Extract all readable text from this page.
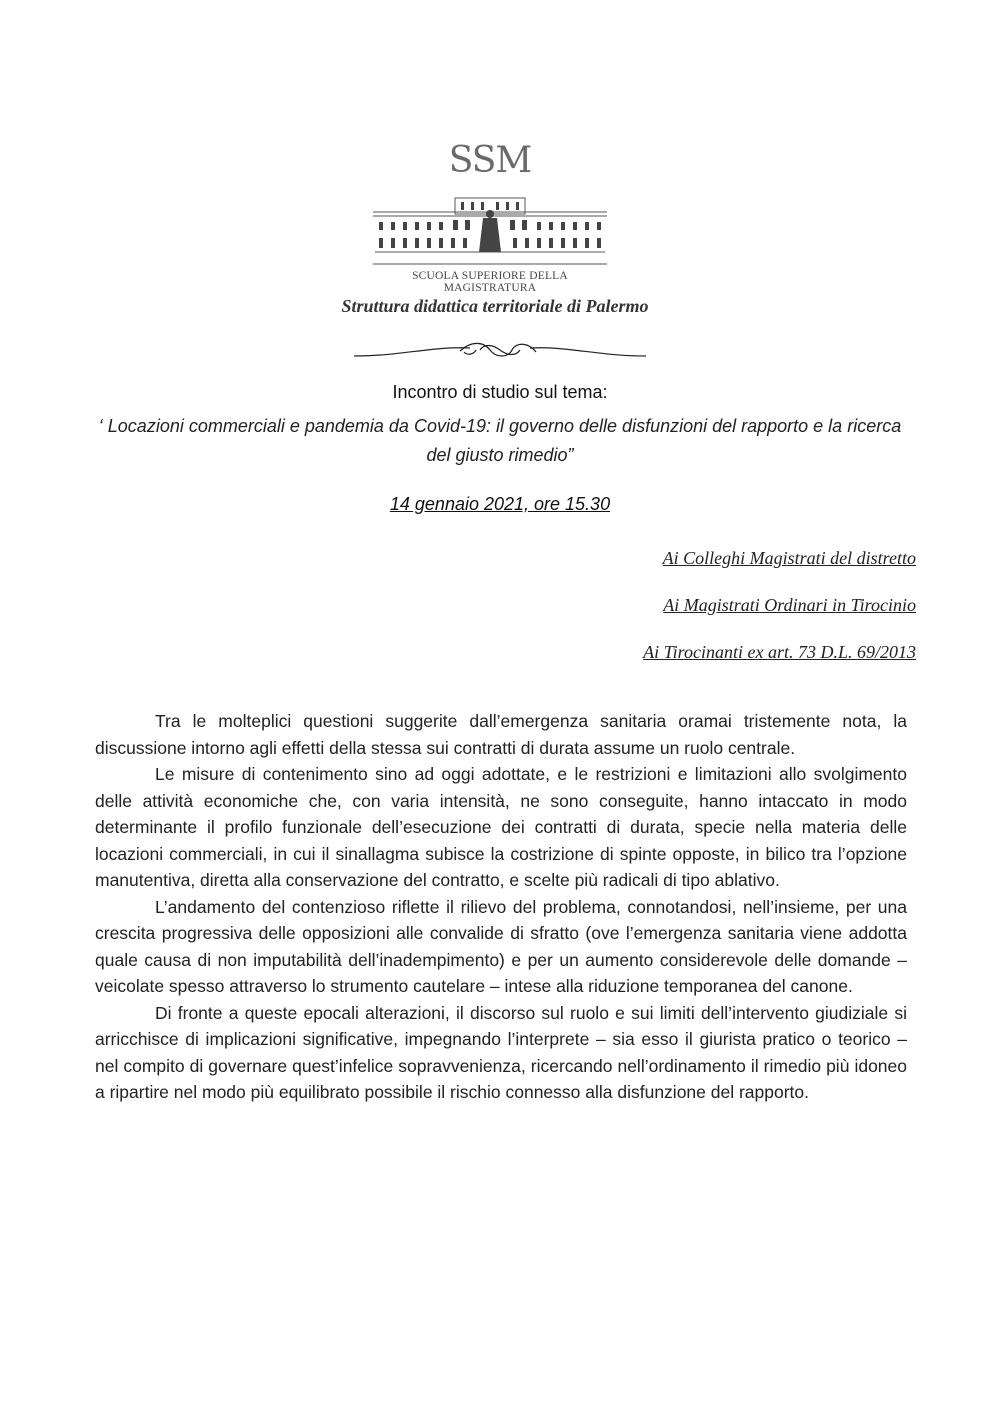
SSM
SCUOLA SUPERIORE DELLA MAGISTRATURA
Struttura didattica territoriale di Palermo
Incontro di studio sul tema:
‘ Locazioni commerciali e pandemia da Covid-19: il governo delle disfunzioni del rapporto e la ricerca del giusto rimedio”
14 gennaio 2021, ore 15.30
Ai Colleghi Magistrati del distretto
Ai Magistrati Ordinari in Tirocinio
Ai Tirocinanti ex art. 73 D.L. 69/2013

Tra le molteplici questioni suggerite dall’emergenza sanitaria oramai tristemente nota, la discussione intorno agli effetti della stessa sui contratti di durata assume un ruolo centrale.

Le misure di contenimento sino ad oggi adottate, e le restrizioni e limitazioni allo svolgimento delle attività economiche che, con varia intensità, ne sono conseguite, hanno intaccato in modo determinante il profilo funzionale dell’esecuzione dei contratti di durata, specie nella materia delle locazioni commerciali, in cui il sinallagma subisce la costrizione di spinte opposte, in bilico tra l’opzione manutentiva, diretta alla conservazione del contratto, e scelte più radicali di tipo ablativo.

L’andamento del contenzioso riflette il rilievo del problema, connotandosi, nell’insieme, per una crescita progressiva delle opposizioni alle convalide di sfratto (ove l’emergenza sanitaria viene addotta quale causa di non imputabilità dell’inadempimento) e per un aumento considerevole delle domande – veicolate spesso attraverso lo strumento cautelare – intese alla riduzione temporanea del canone.

Di fronte a queste epocali alterazioni, il discorso sul ruolo e sui limiti dell’intervento giudiziale si arricchisce di implicazioni significative, impegnando l’interprete – sia esso il giurista pratico o teorico – nel compito di governare quest’infelice sopravvenienza, ricercando nell’ordinamento il rimedio più idoneo a ripartire nel modo più equilibrato possibile il rischio connesso alla disfunzione del rapporto.
